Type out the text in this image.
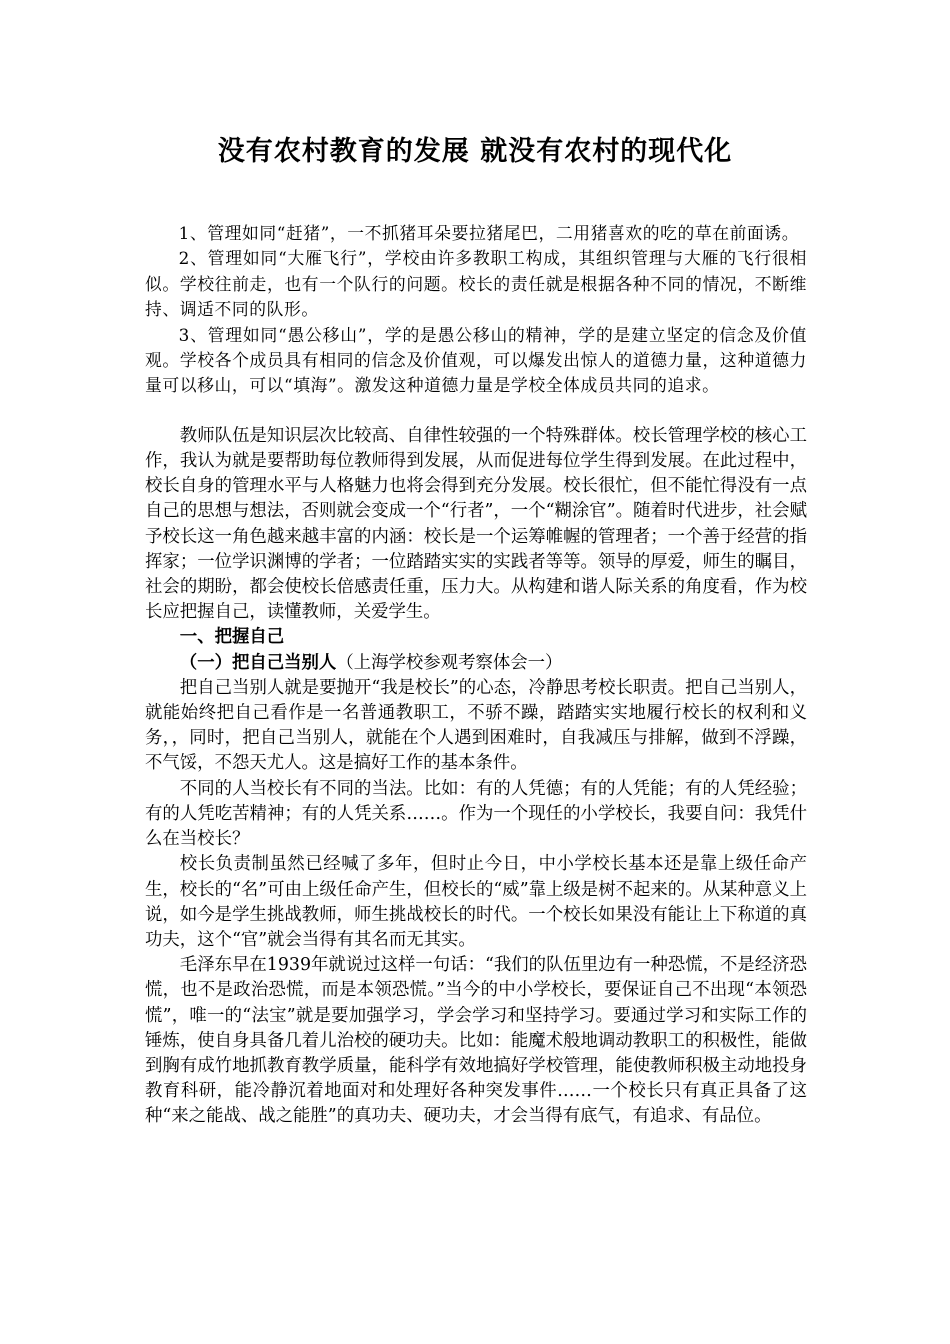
没有农村教育的发展 就没有农村的现代化

1、管理如同“赶猪”，一不抓猪耳朵要拉猪尾巴，二用猪喜欢的吃的草在前面诱。

2、管理如同“大雁飞行”，学校由许多教职工构成，其组织管理与大雁的飞行很相似。学校往前走，也有一个队行的问题。校长的责任就是根据各种不同的情况，不断维持、调适不同的队形。

3、管理如同“愚公移山”，学的是愚公移山的精神，学的是建立坚定的信念及价值观。学校各个成员具有相同的信念及价值观，可以爆发出惊人的道德力量，这种道德力量可以移山，可以“填海”。激发这种道德力量是学校全体成员共同的追求。

教师队伍是知识层次比较高、自律性较强的一个特殊群体。校长管理学校的核心工作，我认为就是要帮助每位教师得到发展，从而促进每位学生得到发展。在此过程中，校长自身的管理水平与人格魅力也将会得到充分发展。校长很忙，但不能忙得没有一点自己的思想与想法，否则就会变成一个“行者”，一个“糊涂官”。随着时代进步，社会赋予校长这一角色越来越丰富的内涵：校长是一个运筹帷幄的管理者；一个善于经营的指挥家；一位学识渊博的学者；一位踏踏实实的实践者等等。领导的厚爱，师生的瞩目，社会的期盼，都会使校长倍感责任重，压力大。从构建和谐人际关系的角度看，作为校长应把握自己，读懂教师，关爱学生。

一、把握自己

（一）把自己当别人（上海学校参观考察体会一）

把自己当别人就是要抛开“我是校长”的心态，冷静思考校长职责。把自己当别人，就能始终把自己看作是一名普通教职工，不骄不躁，踏踏实实地履行校长的权利和义务，，同时，把自己当别人，就能在个人遇到困难时，自我减压与排解，做到不浮躁，不气馁，不怨天尤人。这是搞好工作的基本条件。

不同的人当校长有不同的当法。比如：有的人凭德；有的人凭能；有的人凭经验；有的人凭吃苦精神；有的人凭关系……。作为一个现任的小学校长，我要自问：我凭什么在当校长？

校长负责制虽然已经喊了多年，但时止今日，中小学校长基本还是靠上级任命产生，校长的“名”可由上级任命产生，但校长的“威”靠上级是树不起来的。从某种意义上说，如今是学生挑战教师，师生挑战校长的时代。一个校长如果没有能让上下称道的真功夫，这个“官”就会当得有其名而无其实。

毛泽东早在1939年就说过这样一句话：“我们的队伍里边有一种恐慌，不是经济恐慌，也不是政治恐慌，而是本领恐慌。”当今的中小学校长，要保证自己不出现“本领恐慌”，唯一的“法宝”就是要加强学习，学会学习和坚持学习。要通过学习和实际工作的锤炼，使自身具备几着儿治校的硬功夫。比如：能魔术般地调动教职工的积极性，能做到胸有成竹地抓教育教学质量，能科学有效地搞好学校管理，能使教师积极主动地投身教育科研，能冷静沉着地面对和处理好各种突发事件……一个校长只有真正具备了这种“来之能战、战之能胜”的真功夫、硬功夫，才会当得有底气，有追求、有品位。
